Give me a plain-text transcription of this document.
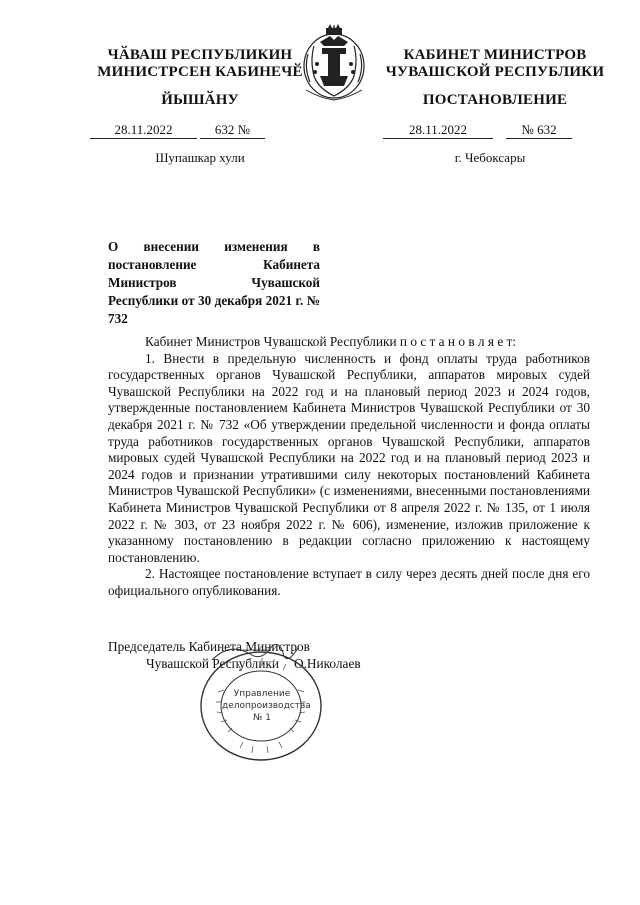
ЧӐВАШ РЕСПУБЛИКИН
МИНИСТРСЕН КАБИНЕЧӖ
ЙЫШӐНУ
КАБИНЕТ МИНИСТРОВ
ЧУВАШСКОЙ РЕСПУБЛИКИ
ПОСТАНОВЛЕНИЕ
28.11.2022	632 №
Шупашкар хули
28.11.2022	№ 632
г. Чебоксары
О внесении изменения в постановление Кабинета Министров Чувашской Республики от 30 декабря 2021 г. № 732

Кабинет Министров Чувашской Республики п о с т а н о в л я е т:

1. Внести в предельную численность и фонд оплаты труда работников государственных органов Чувашской Республики, аппаратов мировых судей Чувашской Республики на 2022 год и на плановый период 2023 и 2024 годов, утвержденные постановлением Кабинета Министров Чувашской Республики от 30 декабря 2021 г. № 732 «Об утверждении предельной численности и фонда оплаты труда работников государственных органов Чувашской Республики, аппаратов мировых судей Чувашской Республики на 2022 год и на плановый период 2023 и 2024 годов и признании утратившими силу некоторых постановлений Кабинета Министров Чувашской Республики» (с изменениями, внесенными постановлениями Кабинета Министров Чувашской Республики от 8 апреля 2022 г. № 135, от 1 июля 2022 г. № 303, от 23 ноября 2022 г. № 606), изменение, изложив приложение к указанному постановлению в редакции согласно приложению к настоящему постановлению.

2. Настоящее постановление вступает в силу через десять дней после дня его официального опубликования.

Председатель Кабинета Министров
Чувашской Республики О.Николаев
Управление
делопроизводства
№ 1
